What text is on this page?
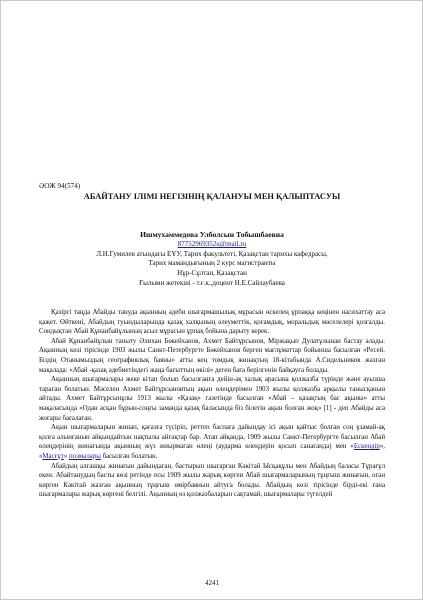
ӘОЖ 94(574)
АБАЙТАНУ ІЛІМІ НЕГІЗІНІҢ ҚАЛАНУЫ МЕН ҚАЛЫПТАСУЫ
Ишмухаммедова Улболсын Тобышбаевна
87752969352u@mail.ru
Л.Н.Гумилев атындағы ЕҰУ, Тарих факультеті, Қазақстан тарихы кафедрасы,
Тарих мамандығының 2 курс магистранты
Нұр-Сұлтан, Қазақстан
Ғылыми жетекші - т.ғ.к.,доцент Н.Е.Сайлаубаева

Қазіргі таңда Абайды тануда ақынның әдеби шығармашылық мұрасын өскелең ұрпаққа кеңінен насихаттау аса қажет. Өйткені, Абайдың туындыларында қазақ халқының әлеуметтік, қоғамдық, моральдық мәселелері қозғалды. Сондықтан Абай Құнанбайұлының асыл мұрасын ұрпақ бойына дарыту керек.

Абай Құнанбайұлын таныту Әлихан Бөкейханов, Ахмет Байтұрсынов, Міржақып Дулатұлынан бастау алады. Ақынның көзі тірісінде 1903 жылы Санкт-Петербургте Бөкейханов берген мағлұматтар бойынша басылған «Ресей. Біздің Отанымыздың географиялық баяны» атты кең томдық жинақтың 18-кітабында А.Сидельников жазған мақалада: «Абай -қазақ әдебиетіндегі жаңа бағыттың өкілі» деген баға берілгенін байқауға болады.

Ақынның шығармалары жеке кітап болып басылғанға дейін-ақ халық арасына қолжазба түрінде және ауызша тараған болатын. Мәселен Ахмет Байтұрсыновтың ақын өлеңдерімен 1903 жылы қолжазба арқылы танысқанын айтады. Ахмет Байтұрсынұлы 1913 жылы «Қазақ» газетінде басылған «Абай – қазақтың бас ақыны» атты мақаласында «Одан асқан бұрын-соңғы заманда қазақ баласында біз білетін ақын болған жоқ» [1] - деп Абайды аса жоғары бағалаған.

Ақын шығармаларын жинап, қағазға түсіріп, реттеп баспаға дайындау ісі ақын қайтыс болған соң ұзамай-ақ қолға алынғанын айқындайтын нақтылы айғақтар бар. Атап айқанда, 1909 жылы Санкт-Петербургте басылған Абай өлеңдерінің жинағында ақынның жүз жиырмаған өлеңі (аударма өлеңдерін қосып санағанда) мен «Ескендір», «Масғұт» поэмалары басылған болатын.

Абайдың алғашқы жинағын дайындаған, бастырып шығарған Кәкітай Ысқақұлы мен Абайдың баласы Тұрағұл екен. Абайтанудың басты көзі ретінде осы 1909 жылы жарық көрген Абай шығармаларының тұңғыш жинағын, оған көрген Кәкітай жазған ақынның тұңғыш өмірбаянын айтуға болады. Абайдың көзі тірісінде бірді-екі ғана шығармалары жарық көргені белгілі. Ақынның өз қолжазбаларын сақтамай, шығармалары түгелдей

4241
